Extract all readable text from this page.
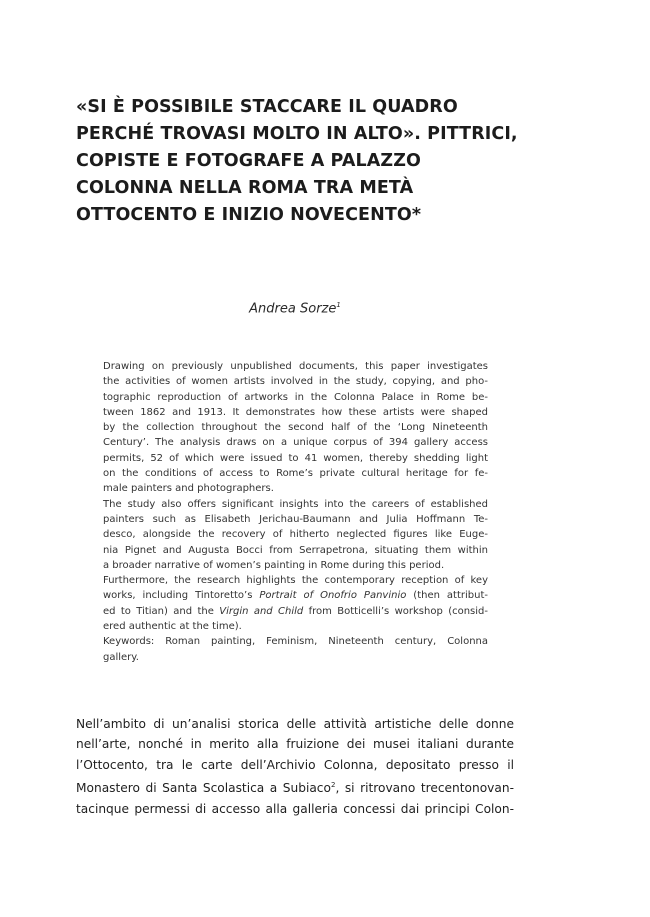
«SI È POSSIBILE STACCARE IL QUADRO
PERCHÉ TROVASI MOLTO IN ALTO». PITTRICI,
COPISTE E FOTOGRAFE A PALAZZO
COLONNA NELLA ROMA TRA METÀ
OTTOCENTO E INIZIO NOVECENTO*
Andrea Sorze$^1$

Drawing on previously unpublished documents, this paper investigates
the activities of women artists involved in the study, copying, and pho-
tographic reproduction of artworks in the Colonna Palace in Rome be-
tween 1862 and 1913. It demonstrates how these artists were shaped
by the collection throughout the second half of the ‘Long Nineteenth
Century’. The analysis draws on a unique corpus of 394 gallery access
permits, 52 of which were issued to 41 women, thereby shedding light
on the conditions of access to Rome’s private cultural heritage for fe-
male painters and photographers.

The study also offers significant insights into the careers of established
painters such as Elisabeth Jerichau-Baumann and Julia Hoffmann Te-
desco, alongside the recovery of hitherto neglected figures like Euge-
nia Pignet and Augusta Bocci from Serrapetrona, situating them within
a broader narrative of women’s painting in Rome during this period.

Furthermore, the research highlights the contemporary reception of key
works, including Tintoretto’s Portrait of Onofrio Panvinio (then attribut-
ed to Titian) and the Virgin and Child from Botticelli’s workshop (consid-
ered authentic at the time).

Keywords: Roman painting, Feminism, Nineteenth century, Colonna
gallery.

Nell’ambito di un’analisi storica delle attività artistiche delle donne
nell’arte, nonché in merito alla fruizione dei musei italiani durante
l’Ottocento, tra le carte dell’Archivio Colonna, depositato presso il
Monastero di Santa Scolastica a Subiaco$^2$, si ritrovano trecentonovan-
tacinque permessi di accesso alla galleria concessi dai principi Colon-
